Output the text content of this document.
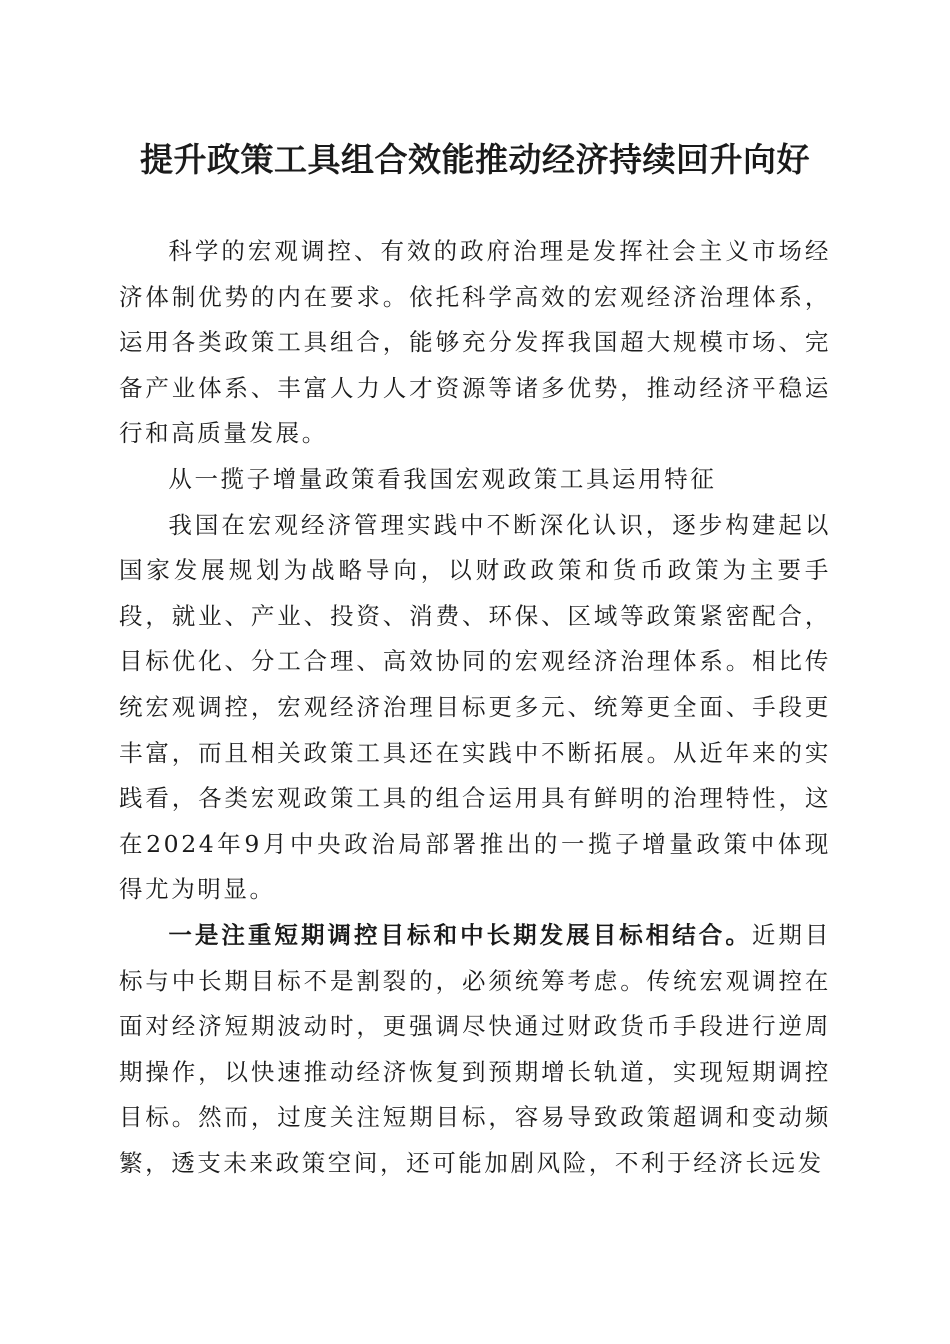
提升政策工具组合效能推动经济持续回升向好

科学的宏观调控、有效的政府治理是发挥社会主义市场经济体制优势的内在要求。依托科学高效的宏观经济治理体系，运用各类政策工具组合，能够充分发挥我国超大规模市场、完备产业体系、丰富人力人才资源等诸多优势，推动经济平稳运行和高质量发展。

从一揽子增量政策看我国宏观政策工具运用特征

我国在宏观经济管理实践中不断深化认识，逐步构建起以国家发展规划为战略导向，以财政政策和货币政策为主要手段，就业、产业、投资、消费、环保、区域等政策紧密配合，目标优化、分工合理、高效协同的宏观经济治理体系。相比传统宏观调控，宏观经济治理目标更多元、统筹更全面、手段更丰富，而且相关政策工具还在实践中不断拓展。从近年来的实践看，各类宏观政策工具的组合运用具有鲜明的治理特性，这在2024年9月中央政治局部署推出的一揽子增量政策中体现得尤为明显。

一是注重短期调控目标和中长期发展目标相结合。近期目标与中长期目标不是割裂的，必须统筹考虑。传统宏观调控在面对经济短期波动时，更强调尽快通过财政货币手段进行逆周期操作，以快速推动经济恢复到预期增长轨道，实现短期调控目标。然而，过度关注短期目标，容易导致政策超调和变动频繁，透支未来政策空间，还可能加剧风险，不利于经济长远发
